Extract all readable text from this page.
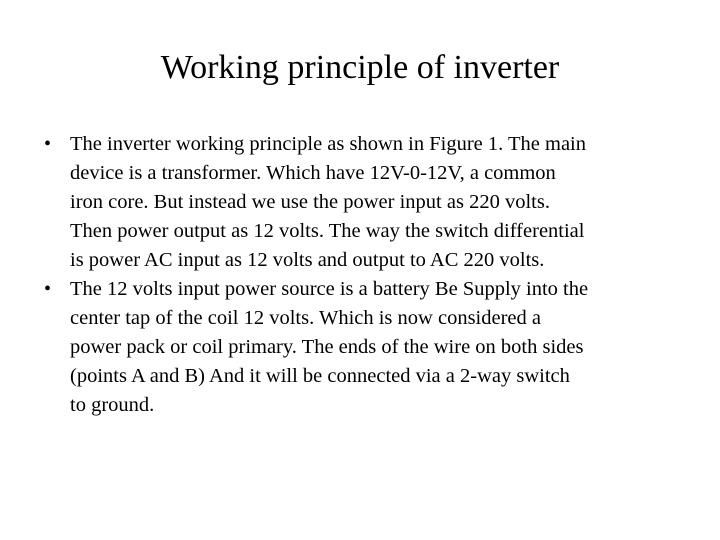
Working principle of inverter
• The inverter working principle as shown in Figure 1. The main
device is a transformer. Which have 12V-0-12V, a common
iron core. But instead we use the power input as 220 volts.
Then power output as 12 volts. The way the switch differential
is power AC input as 12 volts and output to AC 220 volts.
• The 12 volts input power source is a battery Be Supply into the
center tap of the coil 12 volts. Which is now considered a
power pack or coil primary. The ends of the wire on both sides
(points A and B) And it will be connected via a 2-way switch
to ground.
